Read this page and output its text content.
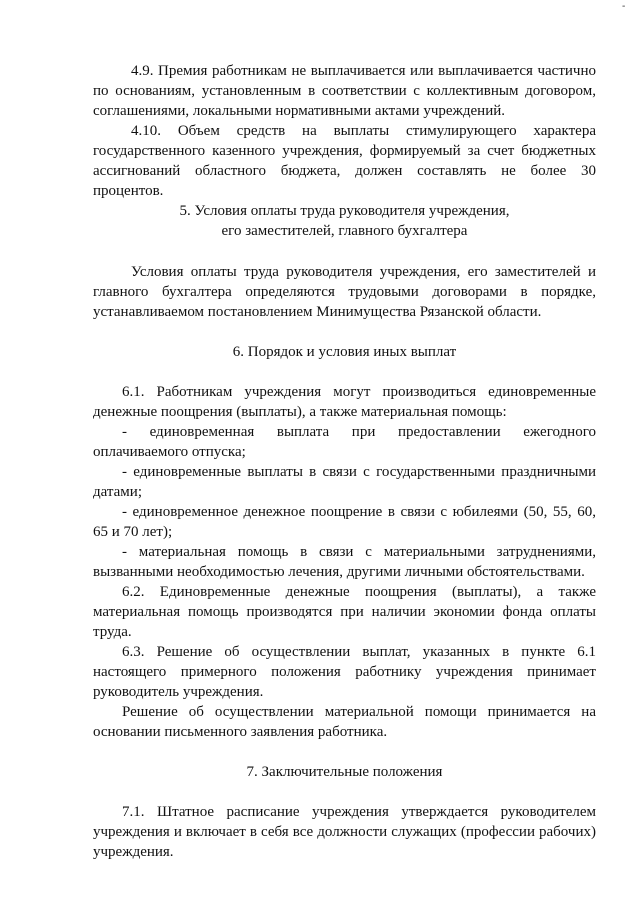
-
4.9. Премия работникам не выплачивается или выплачивается частично
по основаниям, установленным в соответствии с коллективным договором,
соглашениями, локальными нормативными актами учреждений.
4.10. Объем средств на выплаты стимулирующего характера
государственного казенного учреждения, формируемый за счет бюджетных
ассигнований областного бюджета, должен составлять не более 30
процентов.
5. Условия оплаты труда руководителя учреждения,
его заместителей, главного бухгалтера
Условия оплаты труда руководителя учреждения, его заместителей и
главного бухгалтера определяются трудовыми договорами в порядке,
устанавливаемом постановлением Минимущества Рязанской области.
6. Порядок и условия иных выплат
6.1. Работникам учреждения могут производиться единовременные
денежные поощрения (выплаты), а также материальная помощь:
- единовременная выплата при предоставлении ежегодного
оплачиваемого отпуска;
- единовременные выплаты в связи с государственными праздничными
датами;
- единовременное денежное поощрение в связи с юбилеями (50, 55, 60,
65 и 70 лет);
- материальная помощь в связи с материальными затруднениями,
вызванными необходимостью лечения, другими личными обстоятельствами.
6.2. Единовременные денежные поощрения (выплаты), а также
материальная помощь производятся при наличии экономии фонда оплаты
труда.
6.3. Решение об осуществлении выплат, указанных в пункте 6.1
настоящего примерного положения работнику учреждения принимает
руководитель учреждения.
Решение об осуществлении материальной помощи принимается на
основании письменного заявления работника.
7. Заключительные положения
7.1. Штатное расписание учреждения утверждается руководителем
учреждения и включает в себя все должности служащих (профессии рабочих)
учреждения.
